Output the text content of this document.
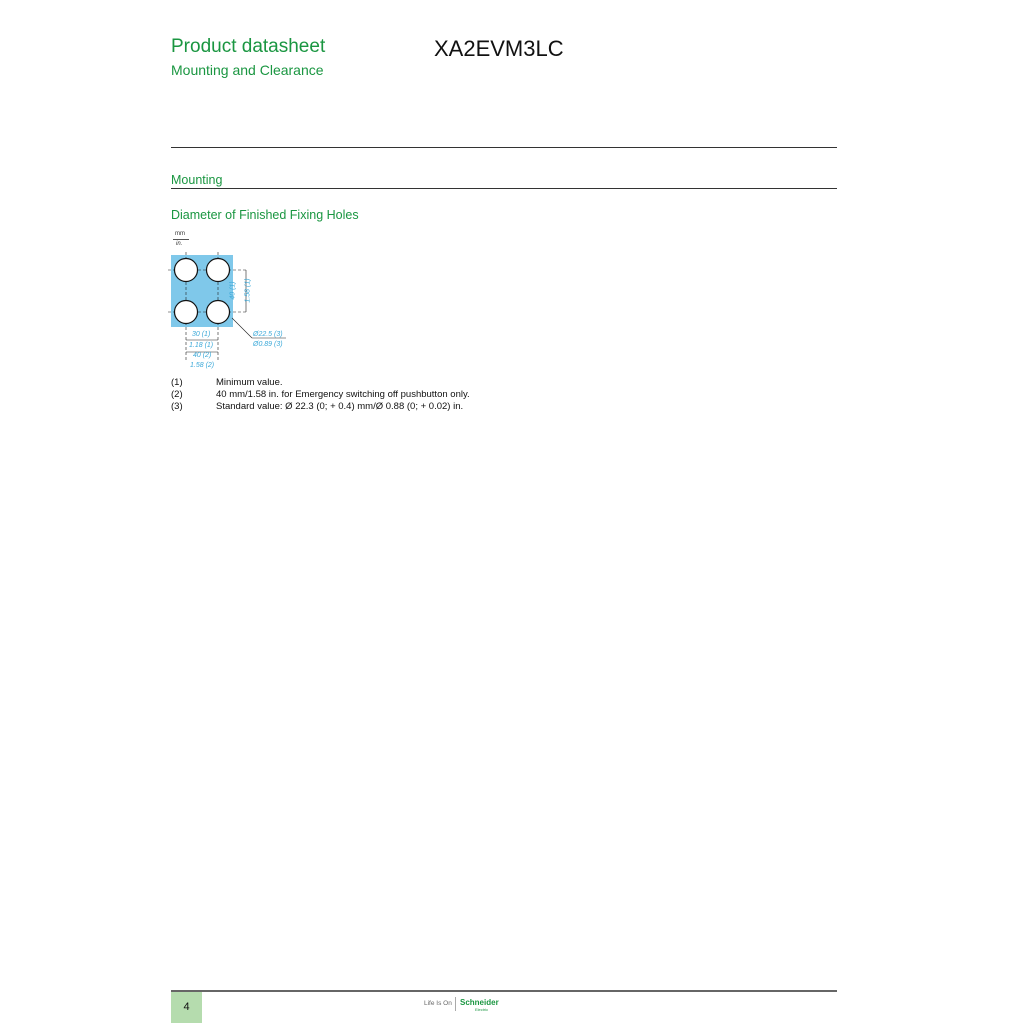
Product datasheet
Mounting and Clearance
XA2EVM3LC
Mounting
Diameter of Finished Fixing Holes
mm
in.
40 (1) 1.58 (1)
30 (1)
1.18 (1)
40 (2)
1.58 (2)
Ø22.5 (3)
Ø0.89 (3)
(1)	Minimum value.
(2)	40 mm/1.58 in. for Emergency switching off pushbutton only.
(3)	Standard value: Ø 22.3 (0; + 0.4) mm/Ø 0.88 (0; + 0.02) in.
4	Life Is On Schneider
Electric
